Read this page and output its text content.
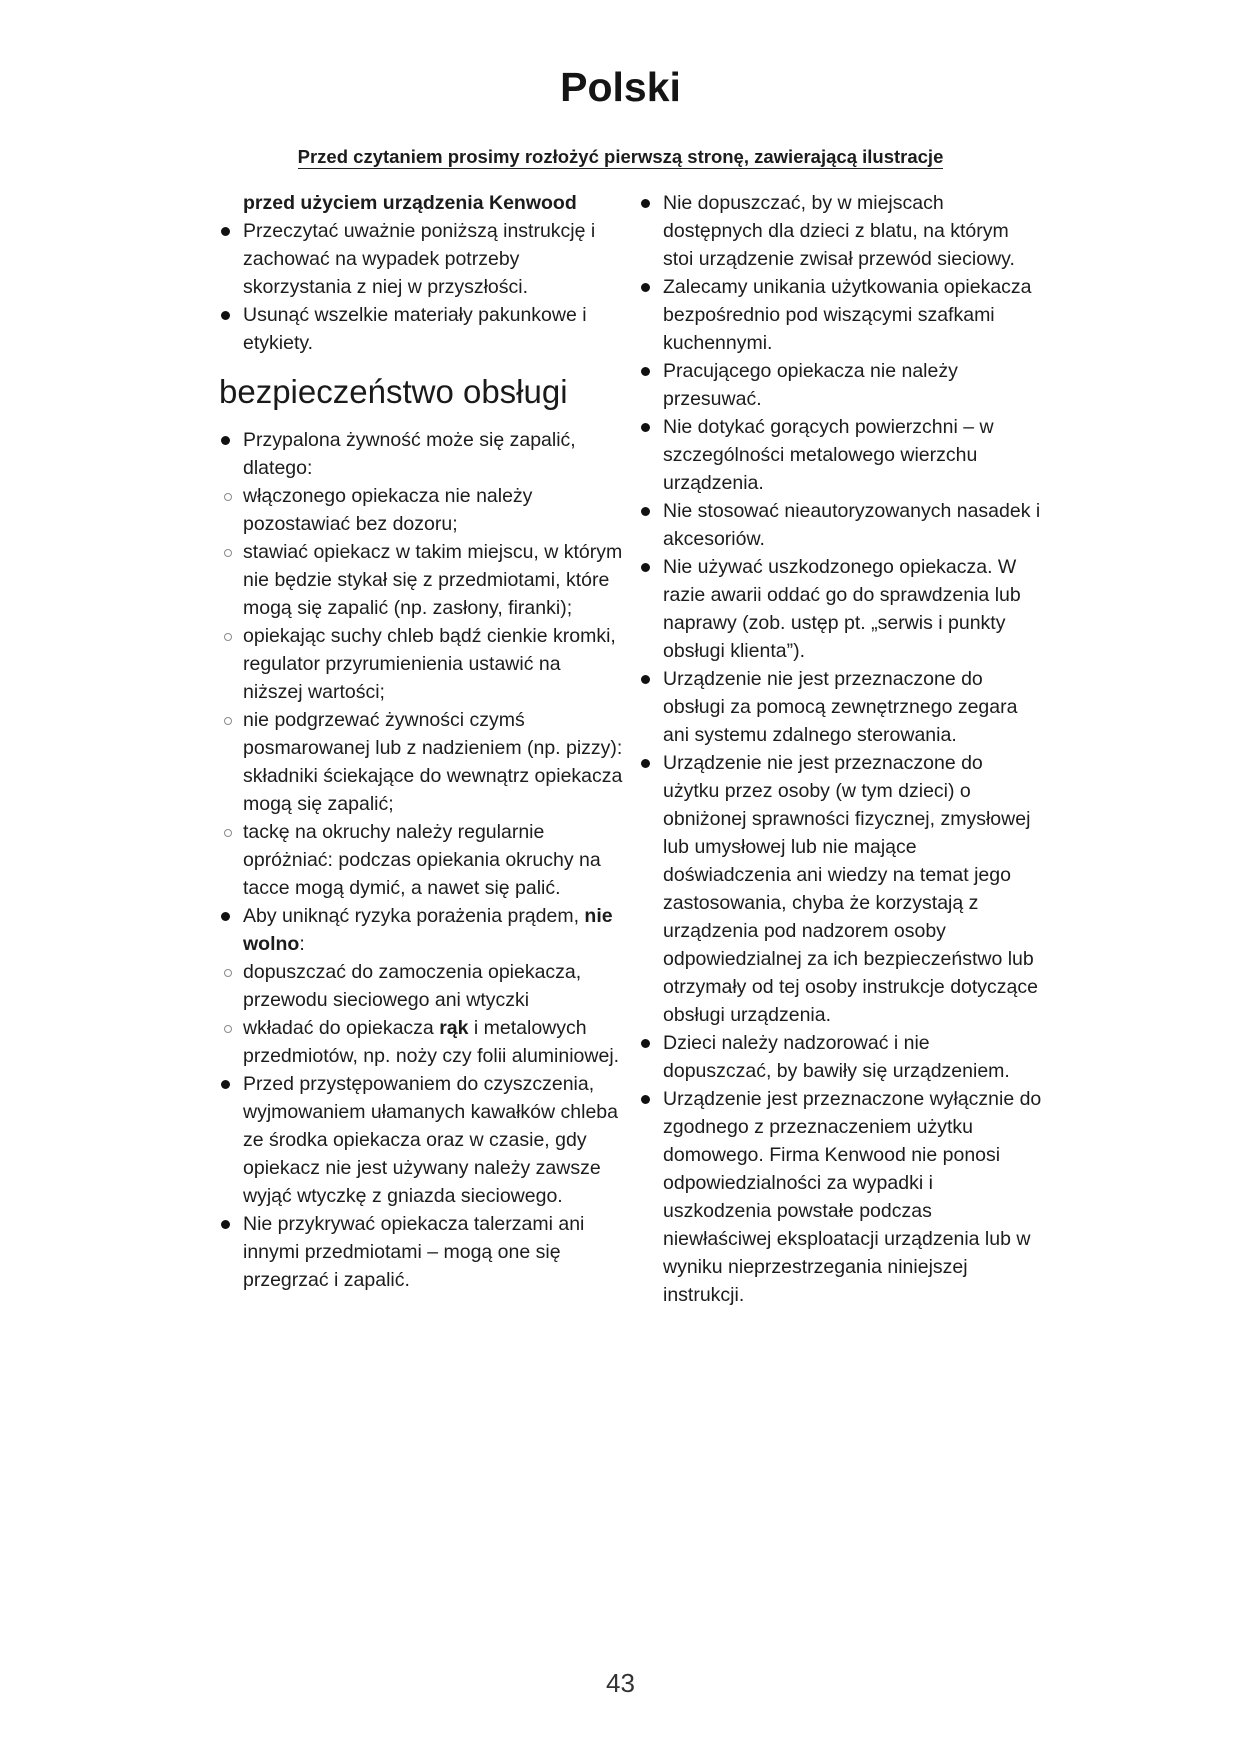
Polski
Przed czytaniem prosimy rozłożyć pierwszą stronę, zawierającą ilustracje

przed użyciem urządzenia Kenwood

Przeczytać uważnie poniższą instrukcję i zachować na wypadek potrzeby skorzystania z niej w przyszłości.

Usunąć wszelkie materiały pakunkowe i etykiety.

bezpieczeństwo obsługi

Przypalona żywność może się zapalić, dlatego:

włączonego opiekacza nie należy pozostawiać bez dozoru;

stawiać opiekacz w takim miejscu, w którym nie będzie stykał się z przedmiotami, które mogą się zapalić (np. zasłony, firanki);

opiekając suchy chleb bądź cienkie kromki, regulator przyrumienienia ustawić na niższej wartości;

nie podgrzewać żywności czymś posmarowanej lub z nadzieniem (np. pizzy): składniki ściekające do wewnątrz opiekacza mogą się zapalić;

tackę na okruchy należy regularnie opróżniać: podczas opiekania okruchy na tacce mogą dymić, a nawet się palić.

Aby uniknąć ryzyka porażenia prądem, nie wolno:

dopuszczać do zamoczenia opiekacza, przewodu sieciowego ani wtyczki

wkładać do opiekacza rąk i metalowych przedmiotów, np. noży czy folii aluminiowej.

Przed przystępowaniem do czyszczenia, wyjmowaniem ułamanych kawałków chleba ze środka opiekacza oraz w czasie, gdy opiekacz nie jest używany należy zawsze wyjąć wtyczkę z gniazda sieciowego.

Nie przykrywać opiekacza talerzami ani innymi przedmiotami – mogą one się przegrzać i zapalić.

Nie dopuszczać, by w miejscach dostępnych dla dzieci z blatu, na którym stoi urządzenie zwisał przewód sieciowy.

Zalecamy unikania użytkowania opiekacza bezpośrednio pod wiszącymi szafkami kuchennymi.

Pracującego opiekacza nie należy przesuwać.

Nie dotykać gorących powierzchni – w szczególności metalowego wierzchu urządzenia.

Nie stosować nieautoryzowanych nasadek i akcesoriów.

Nie używać uszkodzonego opiekacza. W razie awarii oddać go do sprawdzenia lub naprawy (zob. ustęp pt. „serwis i punkty obsługi klienta”).

Urządzenie nie jest przeznaczone do obsługi za pomocą zewnętrznego zegara ani systemu zdalnego sterowania.

Urządzenie nie jest przeznaczone do użytku przez osoby (w tym dzieci) o obniżonej sprawności fizycznej, zmysłowej lub umysłowej lub nie mające doświadczenia ani wiedzy na temat jego zastosowania, chyba że korzystają z urządzenia pod nadzorem osoby odpowiedzialnej za ich bezpieczeństwo lub otrzymały od tej osoby instrukcje dotyczące obsługi urządzenia.

Dzieci należy nadzorować i nie dopuszczać, by bawiły się urządzeniem.

Urządzenie jest przeznaczone wyłącznie do zgodnego z przeznaczeniem użytku domowego. Firma Kenwood nie ponosi odpowiedzialności za wypadki i uszkodzenia powstałe podczas niewłaściwej eksploatacji urządzenia lub w wyniku nieprzestrzegania niniejszej instrukcji.

43
